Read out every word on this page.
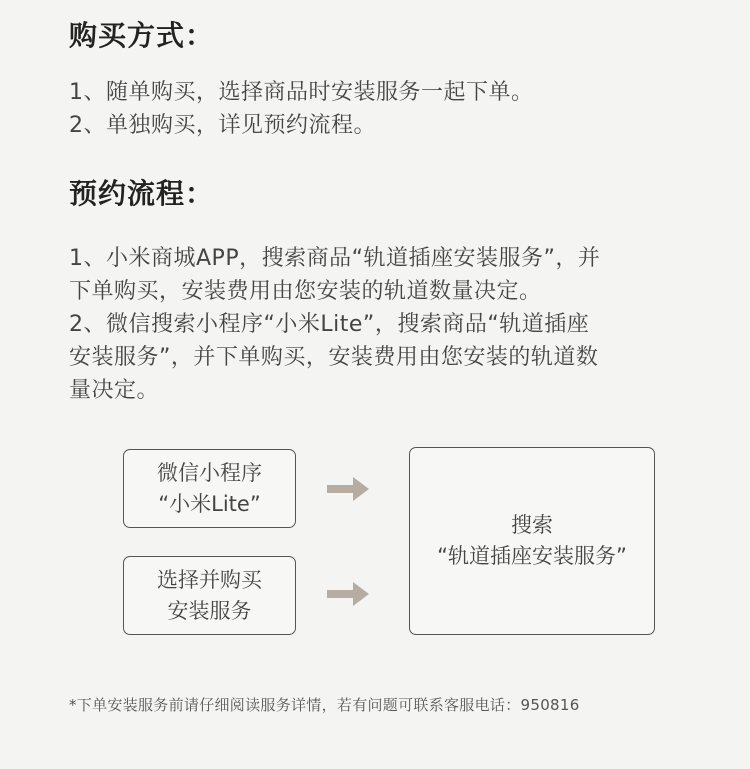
购买方式：
1、随单购买，选择商品时安装服务一起下单。
2、单独购买，详见预约流程。
预约流程：
1、小米商城APP，搜索商品“轨道插座安装服务”，并
下单购买，安装费用由您安装的轨道数量决定。
2、微信搜索小程序“小米Lite”，搜索商品“轨道插座
安装服务”，并下单购买，安装费用由您安装的轨道数
量决定。
微信小程序
“小米Lite”
选择并购买
安装服务
搜索
“轨道插座安装服务”
*下单安装服务前请仔细阅读服务详情，若有问题可联系客服电话：950816
